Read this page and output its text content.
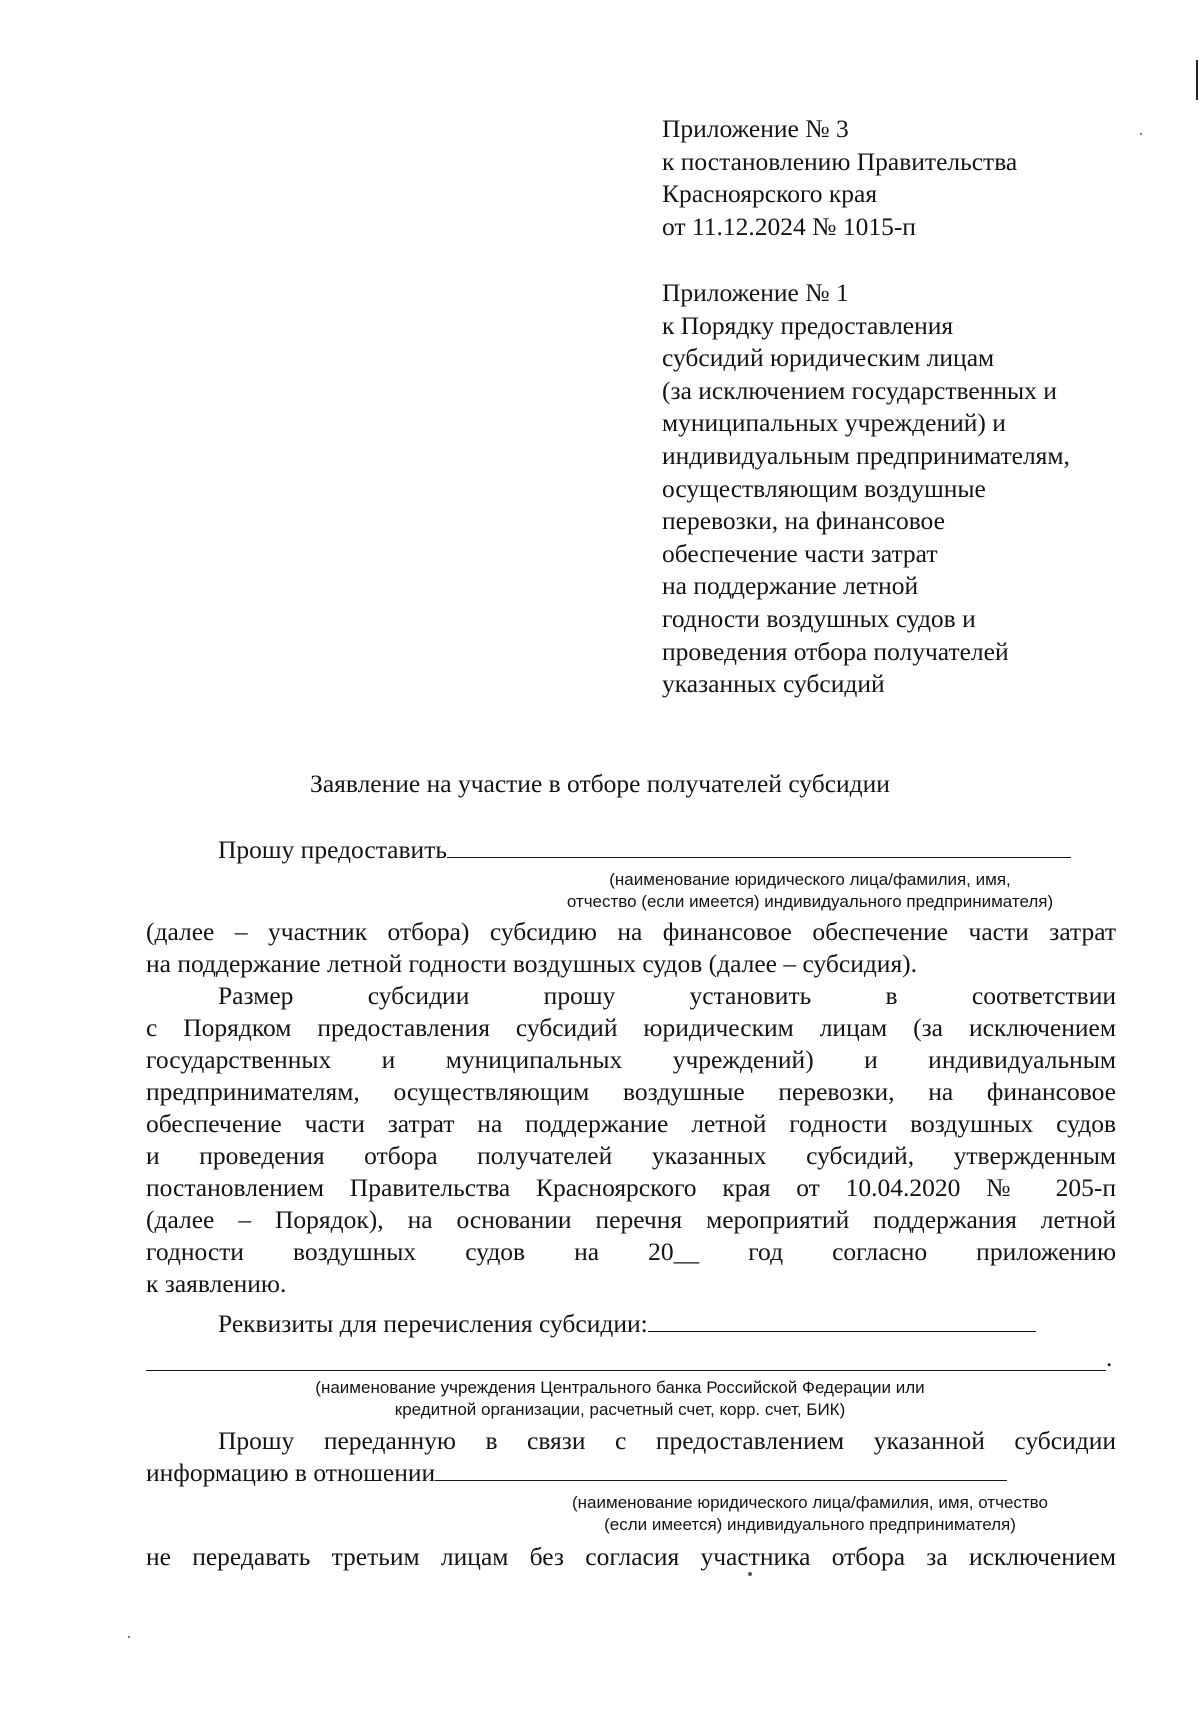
Приложение № 3
к постановлению Правительства
Красноярского края
от 11.12.2024 № 1015-п
Приложение № 1
к Порядку предоставления
субсидий юридическим лицам
(за исключением государственных и
муниципальных учреждений) и
индивидуальным предпринимателям,
осуществляющим воздушные
перевозки, на финансовое
обеспечение части затрат
на поддержание летной
годности воздушных судов и
проведения отбора получателей
указанных субсидий
Заявление на участие в отборе получателей субсидии
Прошу предоставить
(наименование юридического лица/фамилия, имя,
отчество (если имеется) индивидуального предпринимателя)
(далее – участник отбора) субсидию на финансовое обеспечение части затрат
на поддержание летной годности воздушных судов (далее – субсидия).
Размер субсидии прошу установить в соответствии
с Порядком предоставления субсидий юридическим лицам (за исключением
государственных и муниципальных учреждений) и индивидуальным
предпринимателям, осуществляющим воздушные перевозки, на финансовое
обеспечение части затрат на поддержание летной годности воздушных судов
и проведения отбора получателей указанных субсидий, утвержденным
постановлением Правительства Красноярского края от 10.04.2020 № 205-п
(далее – Порядок), на основании перечня мероприятий поддержания летной
годности воздушных судов на 20__ год согласно приложению
к заявлению.
Реквизиты для перечисления субсидии:
.
(наименование учреждения Центрального банка Российской Федерации или
кредитной организации, расчетный счет, корр. счет, БИК)
Прошу переданную в связи с предоставлением указанной субсидии
информацию в отношении
(наименование юридического лица/фамилия, имя, отчество
(если имеется) индивидуального предпринимателя)
не передавать третьим лицам без согласия участника отбора за исключением
